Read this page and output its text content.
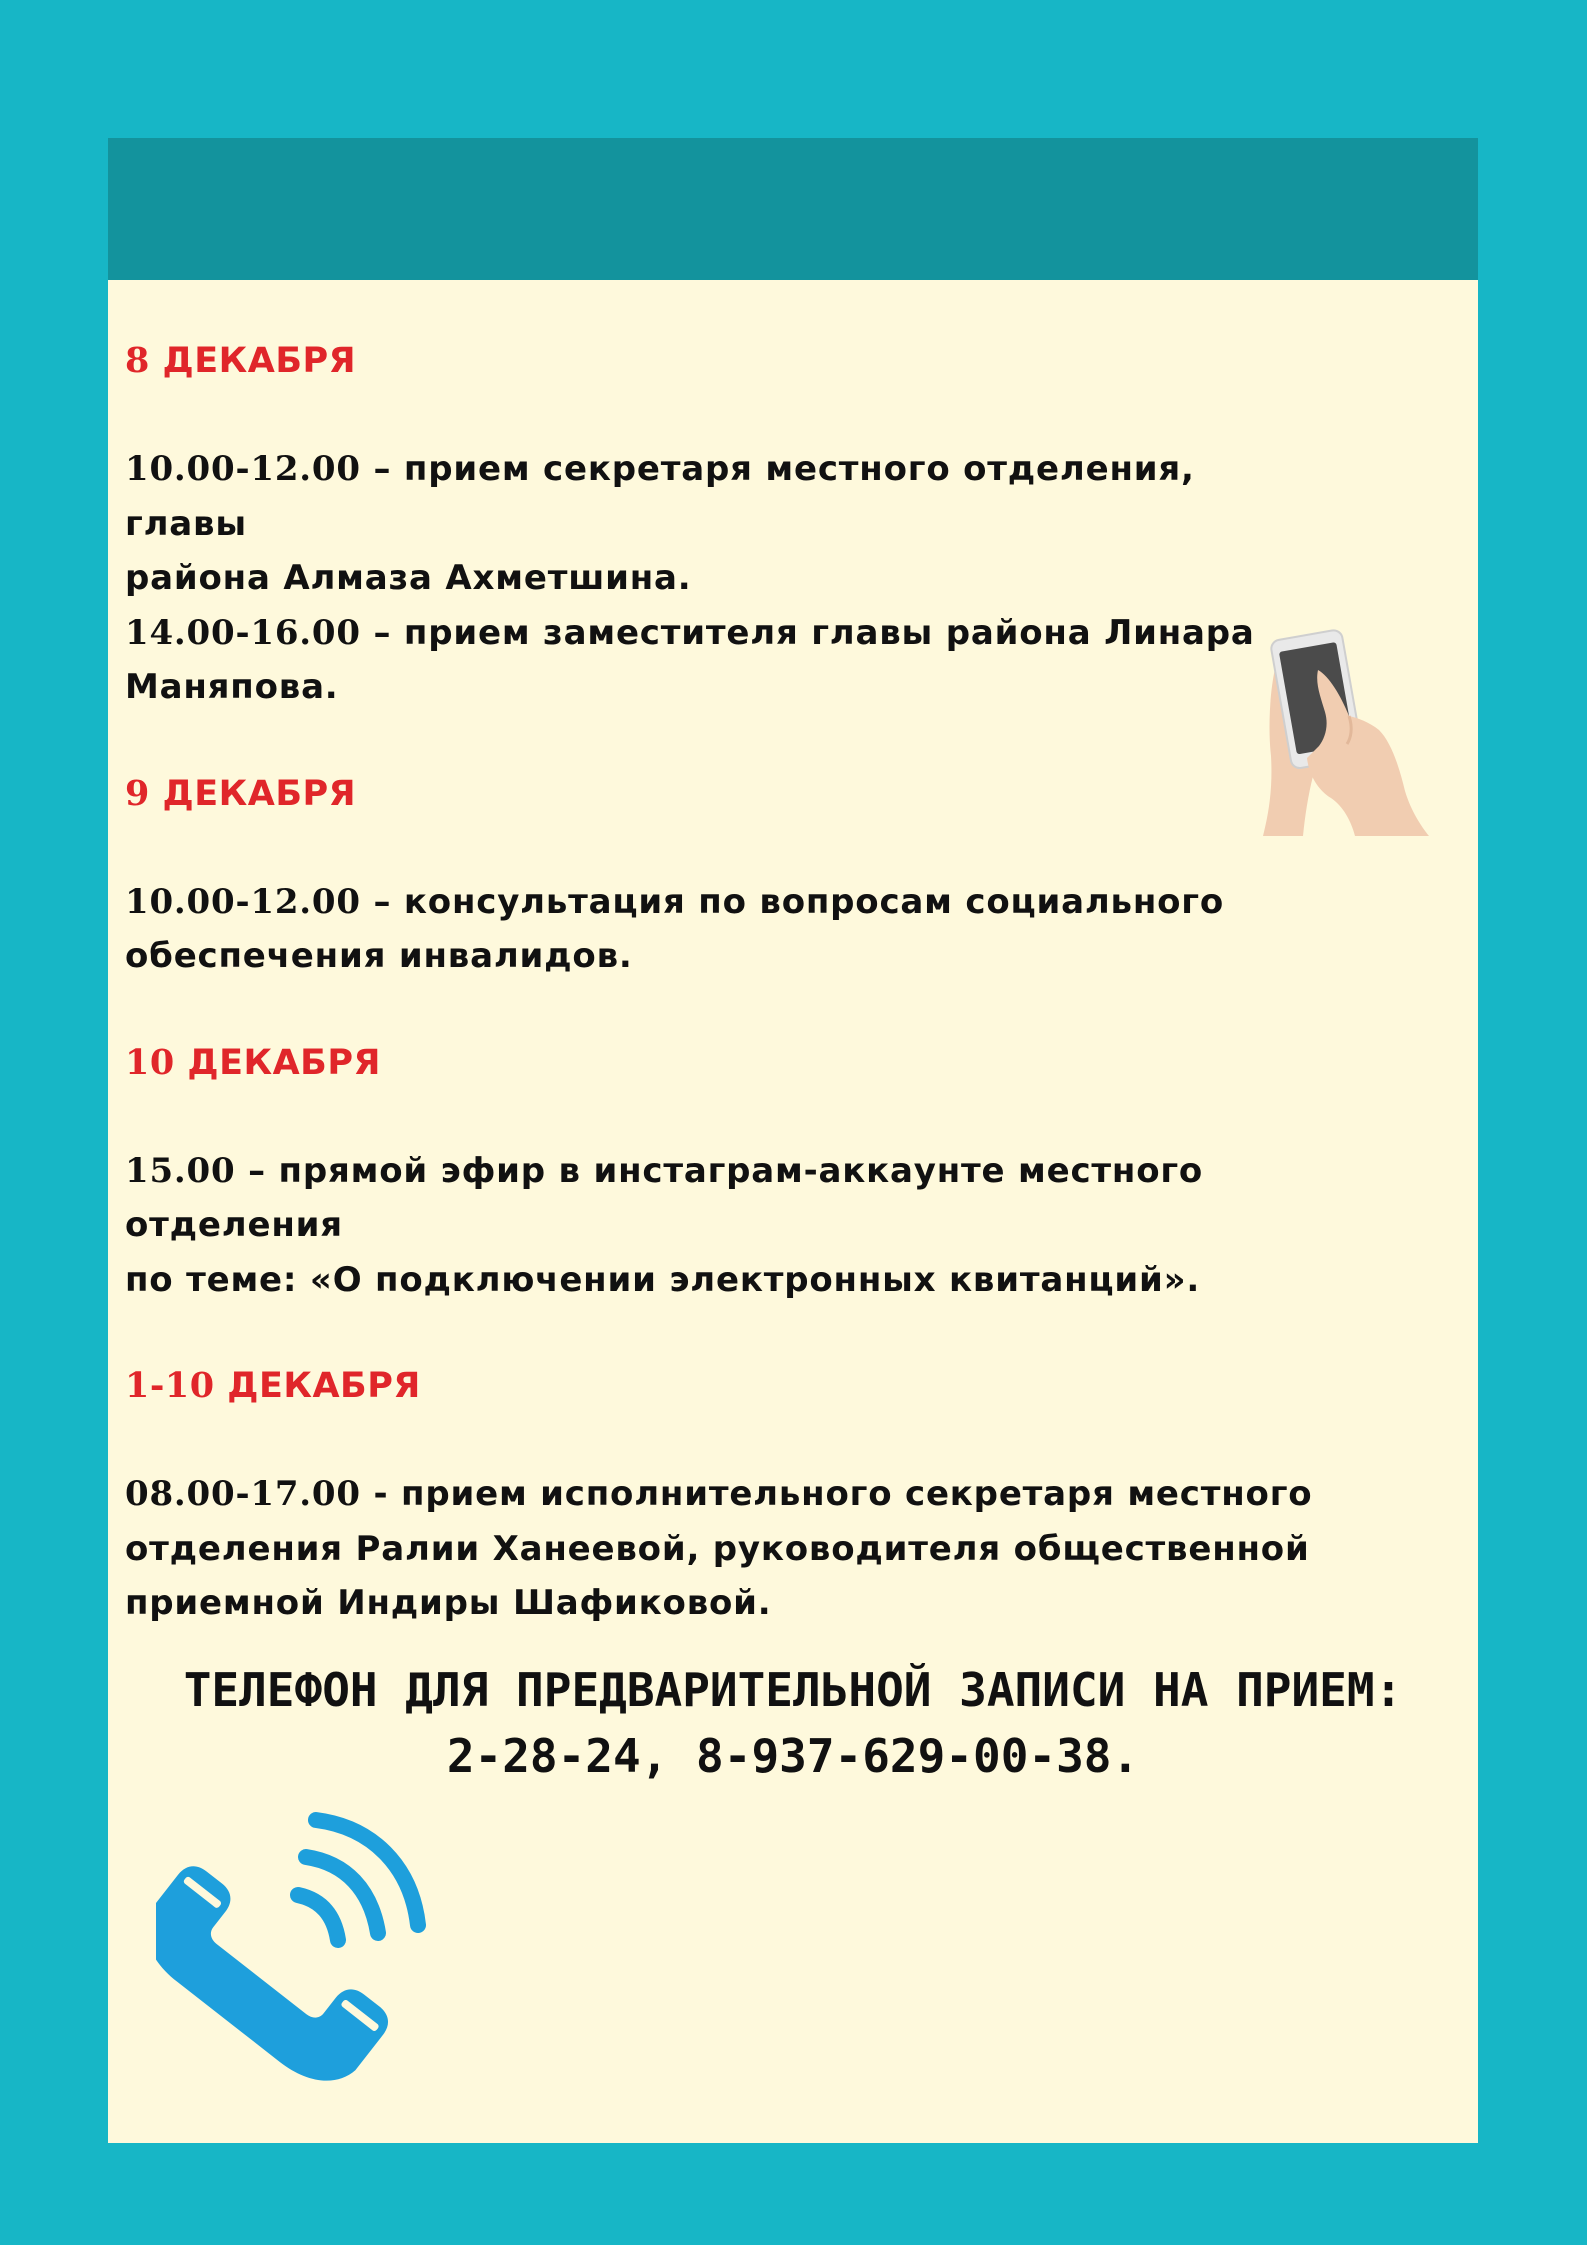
8 ДЕКАБРЯ

10.00-12.00 – прием секретаря местного отделения, главы

района Алмаза Ахметшина.

14.00-16.00 – прием заместителя главы района Линара

Маняпова.

9 ДЕКАБРЯ

10.00-12.00 – консультация по вопросам социального

обеспечения инвалидов.

10 ДЕКАБРЯ

15.00 – прямой эфир в инстаграм-аккаунте местного

отделения

по теме: «О подключении электронных квитанций».

1-10 ДЕКАБРЯ

08.00-17.00 - прием исполнительного секретаря местного

отделения Ралии Ханеевой, руководителя общественной

приемной Индиры Шафиковой.

ТЕЛЕФОН ДЛЯ ПРЕДВАРИТЕЛЬНОЙ ЗАПИСИ НА ПРИЕМ:

2-28-24, 8-937-629-00-38.
